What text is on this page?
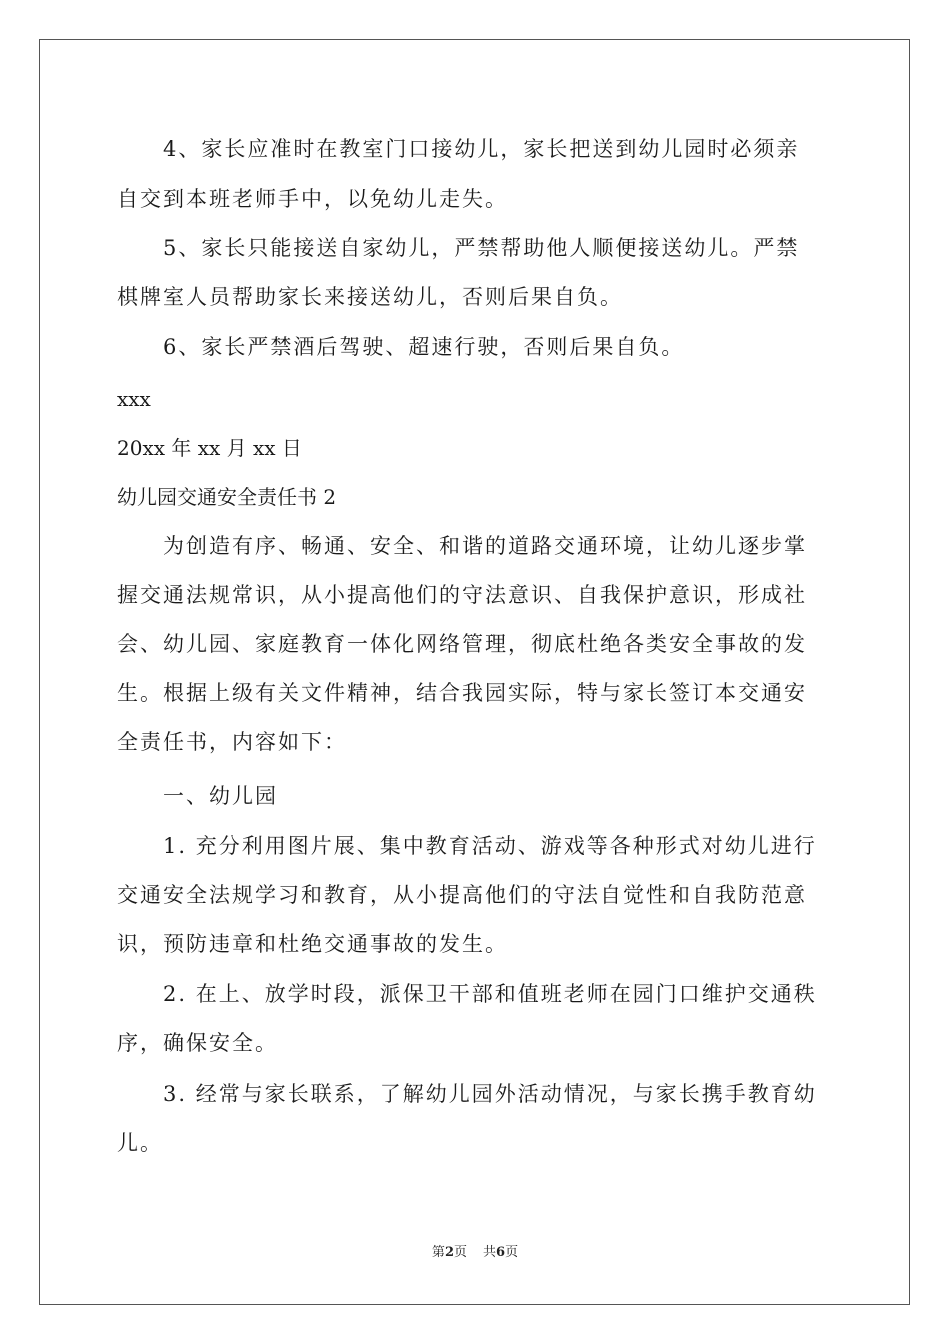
4、家长应准时在教室门口接幼儿，家长把送到幼儿园时必须亲
自交到本班老师手中，以免幼儿走失。
5、家长只能接送自家幼儿，严禁帮助他人顺便接送幼儿。严禁
棋牌室人员帮助家长来接送幼儿，否则后果自负。
6、家长严禁酒后驾驶、超速行驶，否则后果自负。
xxx
20xx 年 xx 月 xx 日
幼儿园交通安全责任书 2
为创造有序、畅通、安全、和谐的道路交通环境，让幼儿逐步掌
握交通法规常识，从小提高他们的守法意识、自我保护意识，形成社
会、幼儿园、家庭教育一体化网络管理，彻底杜绝各类安全事故的发
生。根据上级有关文件精神，结合我园实际，特与家长签订本交通安
全责任书，内容如下：
一、幼儿园
1. 充分利用图片展、集中教育活动、游戏等各种形式对幼儿进行
交通安全法规学习和教育，从小提高他们的守法自觉性和自我防范意
识，预防违章和杜绝交通事故的发生。
2. 在上、放学时段，派保卫干部和值班老师在园门口维护交通秩
序，确保安全。
3. 经常与家长联系，了解幼儿园外活动情况，与家长携手教育幼
儿。
第2页 共6页
